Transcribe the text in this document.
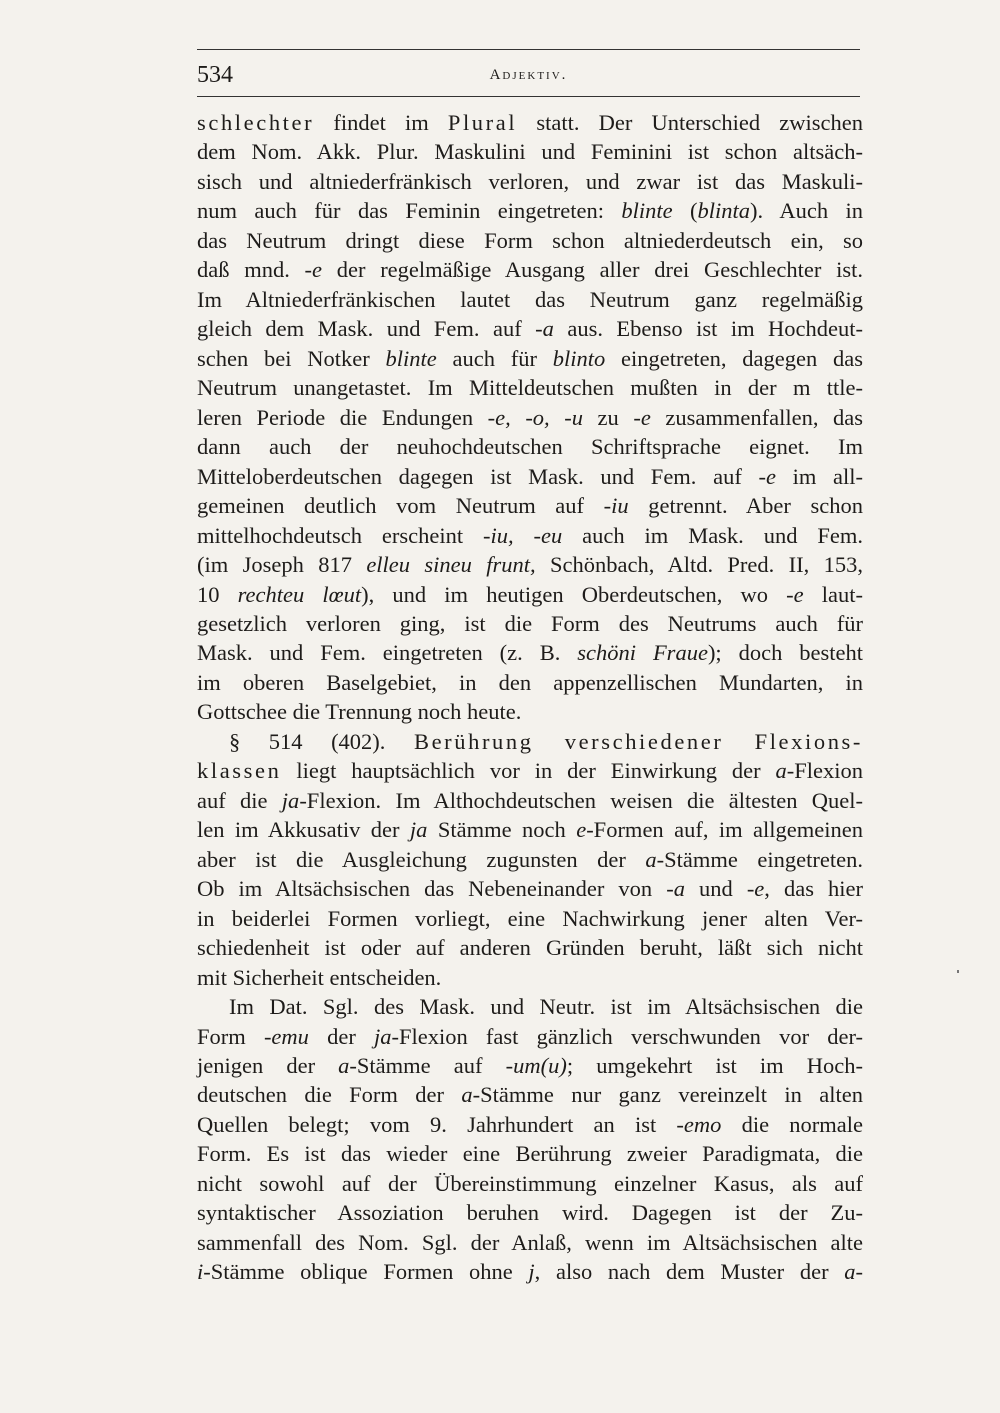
534	Adjektiv.
schlechter findet im Plural statt. Der Unterschied zwischen
dem Nom. Akk. Plur. Maskulini und Feminini ist schon altsäch-
sisch und altniederfränkisch verloren, und zwar ist das Maskuli-
num auch für das Feminin eingetreten: blinte (blinta). Auch in
das Neutrum dringt diese Form schon altniederdeutsch ein, so
daß mnd. -e der regelmäßige Ausgang aller drei Geschlechter ist.
Im Altniederfränkischen lautet das Neutrum ganz regelmäßig
gleich dem Mask. und Fem. auf -a aus. Ebenso ist im Hochdeut-
schen bei Notker blinte auch für blinto eingetreten, dagegen das
Neutrum unangetastet. Im Mitteldeutschen mußten in der m ttle-
leren Periode die Endungen -e, -o, -u zu -e zusammenfallen, das
dann auch der neuhochdeutschen Schriftsprache eignet. Im
Mitteloberdeutschen dagegen ist Mask. und Fem. auf -e im all-
gemeinen deutlich vom Neutrum auf -iu getrennt. Aber schon
mittelhochdeutsch erscheint -iu, -eu auch im Mask. und Fem.
(im Joseph 817 elleu sineu frunt, Schönbach, Altd. Pred. II, 153,
10 rechteu lœut), und im heutigen Oberdeutschen, wo -e laut-
gesetzlich verloren ging, ist die Form des Neutrums auch für
Mask. und Fem. eingetreten (z. B. schöni Fraue); doch besteht
im oberen Baselgebiet, in den appenzellischen Mundarten, in
Gottschee die Trennung noch heute.
§ 514 (402). Berührung verschiedener Flexions-
klassen liegt hauptsächlich vor in der Einwirkung der a-Flexion
auf die ja-Flexion. Im Althochdeutschen weisen die ältesten Quel-
len im Akkusativ der ja Stämme noch e-Formen auf, im allgemeinen
aber ist die Ausgleichung zugunsten der a-Stämme eingetreten.
Ob im Altsächsischen das Nebeneinander von -a und -e, das hier
in beiderlei Formen vorliegt, eine Nachwirkung jener alten Ver-
schiedenheit ist oder auf anderen Gründen beruht, läßt sich nicht
mit Sicherheit entscheiden.
Im Dat. Sgl. des Mask. und Neutr. ist im Altsächsischen die
Form -emu der ja-Flexion fast gänzlich verschwunden vor der-
jenigen der a-Stämme auf -um(u); umgekehrt ist im Hoch-
deutschen die Form der a-Stämme nur ganz vereinzelt in alten
Quellen belegt; vom 9. Jahrhundert an ist -emo die normale
Form. Es ist das wieder eine Berührung zweier Paradigmata, die
nicht sowohl auf der Übereinstimmung einzelner Kasus, als auf
syntaktischer Assoziation beruhen wird. Dagegen ist der Zu-
sammenfall des Nom. Sgl. der Anlaß, wenn im Altsächsischen alte
i-Stämme oblique Formen ohne j, also nach dem Muster der a-
